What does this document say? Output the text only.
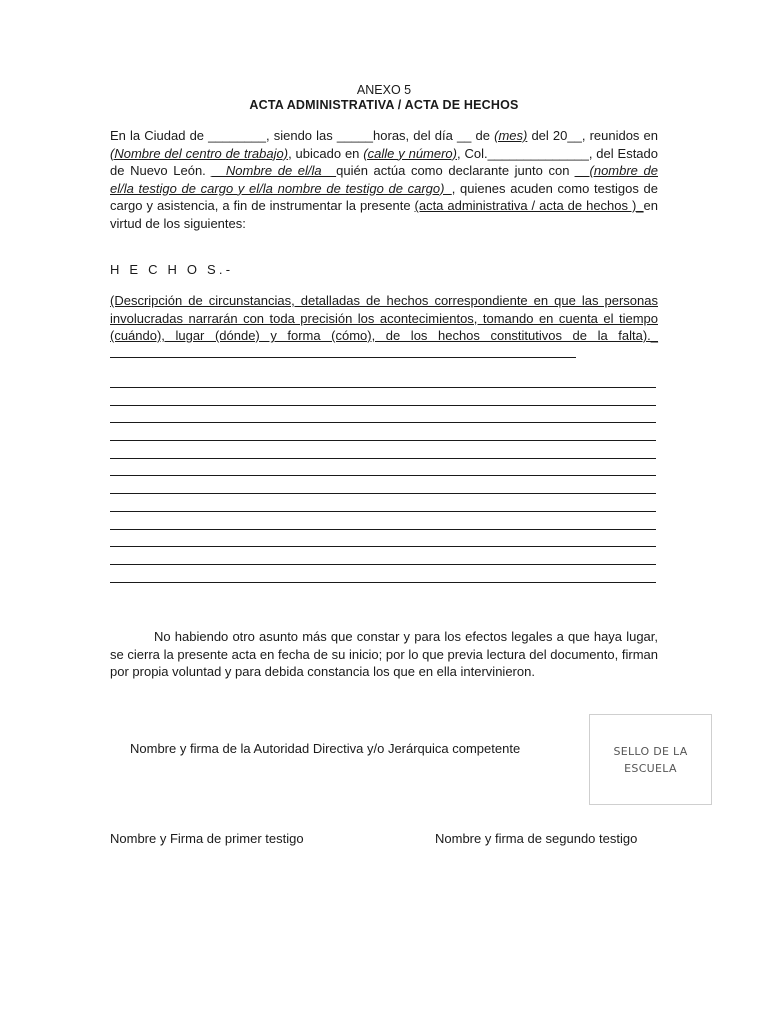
ANEXO 5
ACTA ADMINISTRATIVA / ACTA DE HECHOS
En la Ciudad de ________, siendo las _____horas, del día __ de (mes) del 20__, reunidos en (Nombre del centro de trabajo), ubicado en (calle y número), Col.______________, del Estado de Nuevo León. __Nombre de el/la__quién actúa como declarante junto con __(nombre de el/la testigo de cargo y el/la nombre de testigo de cargo)_, quienes acuden como testigos de cargo y asistencia, a fin de instrumentar la presente (acta administrativa / acta de hechos )_en virtud de los siguientes:
H E C H O S.-
(Descripción de circunstancias, detalladas de hechos correspondiente en que las personas involucradas narrarán con toda precisión los acontecimientos, tomando en cuenta el tiempo (cuándo), lugar (dónde) y forma (cómo), de los hechos constitutivos de la falta)._
No habiendo otro asunto más que constar y para los efectos legales a que haya lugar, se cierra la presente acta en fecha de su inicio; por lo que previa lectura del documento, firman por propia voluntad y para debida constancia los que en ella intervinieron.
Nombre y firma de la Autoridad Directiva y/o Jerárquica competente	SELLO DE LA
ESCUELA
Nombre y Firma de primer testigo	Nombre y firma de segundo testigo
